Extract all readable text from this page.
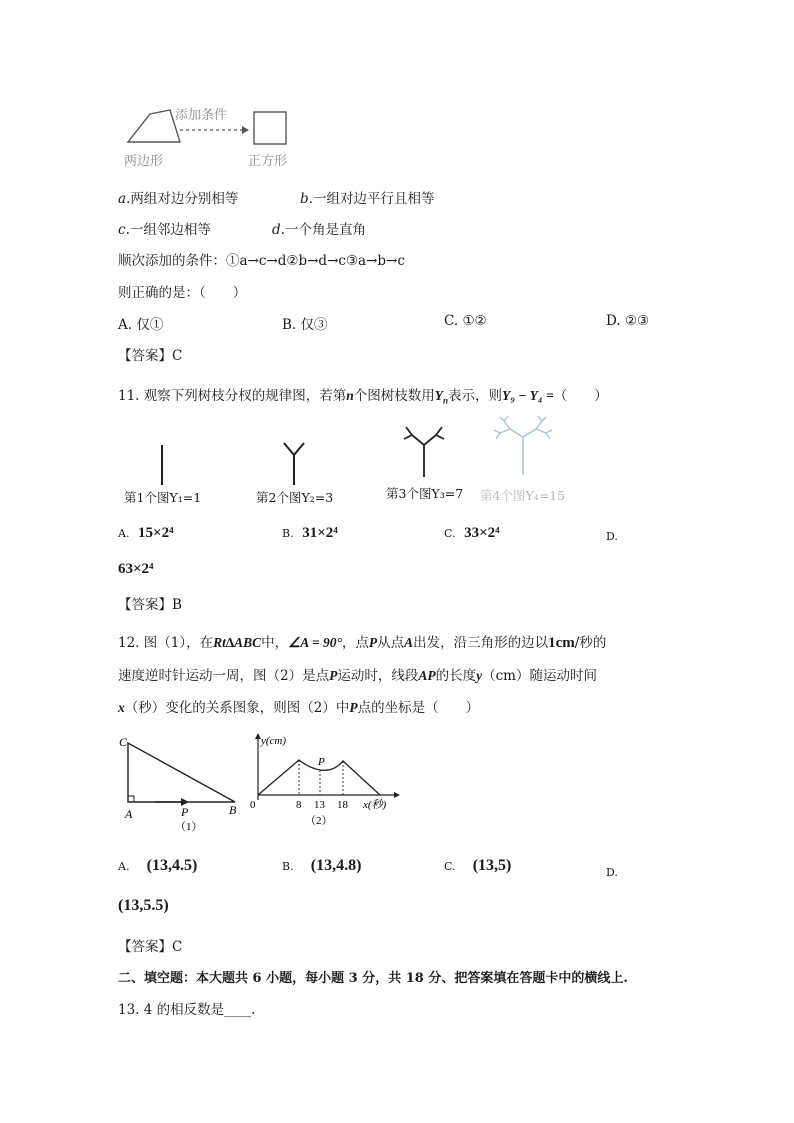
添加条件
两边形	正方形
a.两组对边分别相等	b.一组对边平行且相等
c.一组邻边相等	d.一个角是直角
顺次添加的条件：①a→c→d②b→d→c③a→b→c
则正确的是：（　　）
A. 仅①	B. 仅③	C. ①②	D. ②③
【答案】C
11. 观察下列树枝分杈的规律图，若第n个图树枝数用$Y_n$表示，则Y₉ − Y₄ =（　　）
第1个图Y₁=1	第2个图Y₂=3	第3个图Y₃=7 第4个图Y₄=15
A. 15×2⁴	B. 31×2⁴	C. 33×2⁴	D.
63×2⁴
【答案】B
12. 图（1），在Rt∆ABC中，∠A = 90°，点P从点A出发，沿三角形的边以1cm/秒的
速度逆时针运动一周，图（2）是点P运动时，线段AP的长度y（cm）随运动时间
x（秒）变化的关系图象，则图（2）中P点的坐标是（　　）
C
A	B
P
（1）
y(cm)
x(秒)
0	8 13 18
P
（2）
A. (13,4.5)	B. (13,4.8)	C. (13,5)	D.
(13,5.5)
【答案】C
二、填空题：本大题共 6 小题，每小题 3 分，共 18 分、把答案填在答题卡中的横线上.
13. 4 的相反数是____.
